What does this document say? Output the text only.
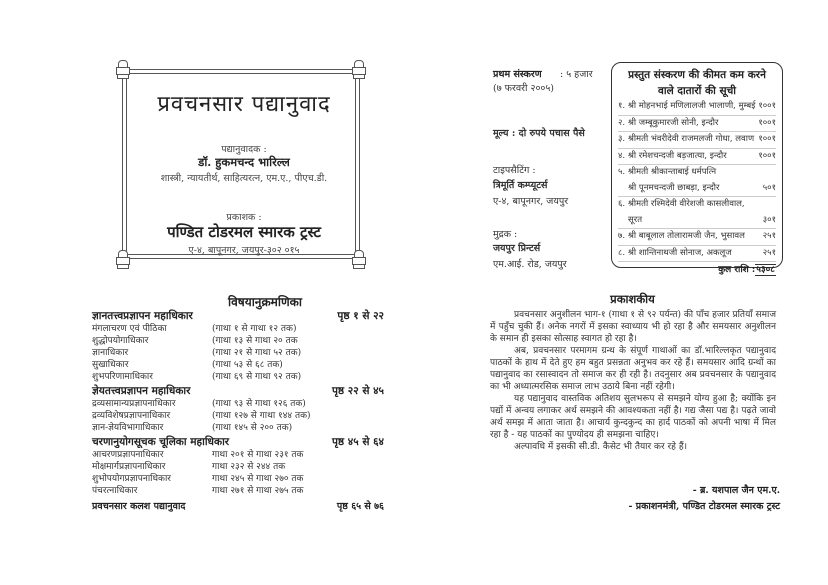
प्रवचनसार पद्यानुवाद
पद्यानुवादक :
डॉ. हुकमचन्द भारिल्ल
शास्त्री, न्यायतीर्थ, साहित्यरत्न, एम.ए., पीएच.डी.
प्रकाशक :
पण्डित टोडरमल स्मारक ट्रस्ट
ए-४, बापूनगर, जयपुर-३०२ ०१५
प्रथम संस्करण : ५ हजार
(७ फरवरी २००५)
मूल्य : दो रुपये पचास पैसे
टाइपसैटिंग :
त्रिमूर्ति कम्प्यूटर्स
ए-४, बापूनगर, जयपुर
मुद्रक :
जयपुर प्रिन्टर्स
एम.आई. रोड, जयपुर
प्रस्तुत संस्करण की कीमत कम करने
वाले दातारों की सूची
१. श्री मोहनभाई मणिलालजी भालाणी, मुम्बई १००१
२. श्री जम्बूकुमारजी सोनी, इन्दौर	१००१
३. श्रीमती भंवरीदेवी राजमलजी गोधा, लवाण १००१
४. श्री रमेशचन्दजी बड़जात्या, इन्दौर	१००१
५. श्रीमती श्रीकान्ताबाई धर्मपत्नि
श्री पूनमचन्दजी छाबड़ा, इन्दौर	५०१
६. श्रीमती रश्मिदेवी वीरेशजी कासलीवाल,
सूरत	३०१
७. श्री बाबूलाल तोलारामजी जैन, भुसावल २५१
८. श्री शान्तिनाथजी सोनाज, अकलूज	२५१
कुल राशि :५३०८
विषयानुक्रमणिका
ज्ञानतत्त्वप्रज्ञापन महाधिकार	पृष्ठ १ से २२
मंगलाचरण एवं पीठिका	(गाथा १ से गाथा १२ तक)
शुद्धोपयोगाधिकार	(गाथा १३ से गाथा २० तक
ज्ञानाधिकार	(गाथा २१ से गाथा ५२ तक)
सुखाधिकार	(गाथा ५३ से ६८ तक)
शुभपरिणामाधिकार	(गाथा ६९ से गाथा ९२ तक)
ज्ञेयतत्त्वप्रज्ञापन महाधिकार	पृष्ठ २२ से ४५
द्रव्यसामान्यप्रज्ञापनाधिकार	(गाथा ९३ से गाथा १२६ तक)
द्रव्यविशेषप्रज्ञापनाधिकार	(गाथा १२७ से गाथा १४४ तक)
ज्ञान-ज्ञेयविभागाधिकार	(गाथा १४५ से २०० तक)
चरणानुयोगसूचक चूलिका महाधिकार	पृष्ठ ४५ से ६४
आचरणप्रज्ञापनाधिकार	गाथा २०१ से गाथा २३१ तक
मोक्षमार्गप्रज्ञापनाधिकार	गाथा २३२ से २४४ तक
शुभोपयोगप्रज्ञापनाधिकार	गाथा २४५ से गाथा २७० तक
पंचरत्नाधिकार	गाथा २७१ से गाथा २७५ तक
प्रवचनसार कलश पद्यानुवाद	पृष्ठ ६५ से ७६
प्रकाशकीय

प्रवचनसार अनुशीलन भाग-१ (गाथा १ से ९२ पर्यन्त) की पाँच हजार प्रतियाँ समाज में पहुँच चुकी हैं। अनेक नगरों में इसका स्वाध्याय भी हो रहा है और समयसार अनुशीलन के समान ही इसका सोत्साह स्वागत हो रहा है।

अब, प्रवचनसार परमागम ग्रन्थ के संपूर्ण गाथाओं का डॉ.भारिल्लकृत पद्यानुवाद पाठकों के हाथ में देते हुए हम बहुत प्रसन्नता अनुभव कर रहे हैं। समयसार आदि ग्रन्थों का पद्यानुवाद का रसास्वादन तो समाज कर ही रही है। तदनुसार अब प्रवचनसार के पद्यानुवाद का भी अध्यात्मरसिक समाज लाभ उठाये बिना नहीं रहेगी।

यह पद्यानुवाद वास्तविक अतिशय सुलभरूप से समझने योग्य हुआ है; क्योंकि इन पद्यों में अन्वय लगाकर अर्थ समझने की आवश्यकता नहीं है। गद्य जैसा पद्य है। पढ़ते जावो अर्थ समझ में आता जाता है। आचार्य कुन्दकुन्द का हार्द पाठकों को अपनी भाषा में मिल रहा है - यह पाठकों का पुण्योदय ही समझना चाहिए।

अल्पावधि में इसकी सी.डी. कैसेट भी तैयार कर रहे हैं।

- ब्र. यशपाल जैन एम.ए.
- प्रकाशनमंत्री, पण्डित टोडरमल स्मारक ट्रस्ट
